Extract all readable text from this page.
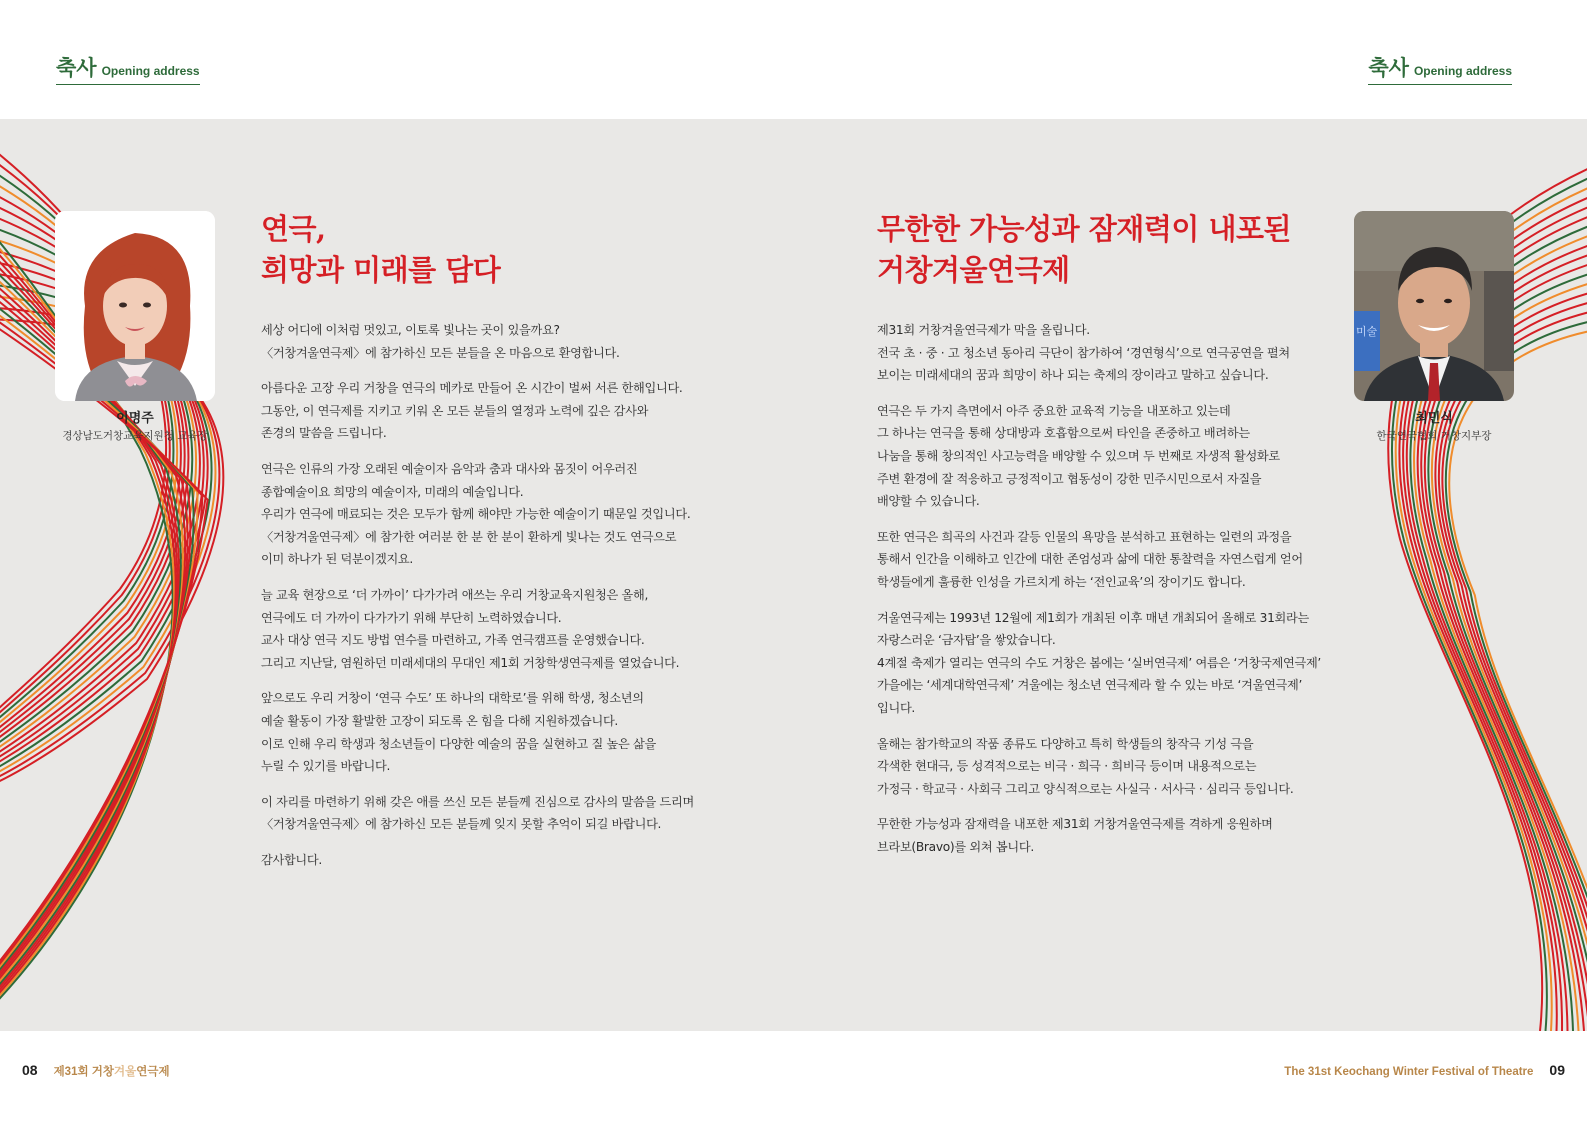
축사 Opening address	축사 Opening address
이명주
경상남도거창교육지원청 교육장
미술
최민식
한국연극협회 거창지부장
연극,
희망과 미래를 담다
무한한 가능성과 잠재력이 내포된
거창겨울연극제

세상 어디에 이처럼 멋있고, 이토록 빛나는 곳이 있을까요?
〈거창겨울연극제〉에 참가하신 모든 분들을 온 마음으로 환영합니다.

아름다운 고장 우리 거창을 연극의 메카로 만들어 온 시간이 벌써 서른 한해입니다.
그동안, 이 연극제를 지키고 키워 온 모든 분들의 열정과 노력에 깊은 감사와
존경의 말씀을 드립니다.

연극은 인류의 가장 오래된 예술이자 음악과 춤과 대사와 몸짓이 어우러진
종합예술이요 희망의 예술이자, 미래의 예술입니다.
우리가 연극에 매료되는 것은 모두가 함께 해야만 가능한 예술이기 때문일 것입니다.
〈거창겨울연극제〉에 참가한 여러분 한 분 한 분이 환하게 빛나는 것도 연극으로
이미 하나가 된 덕분이겠지요.

늘 교육 현장으로 ‘더 가까이’ 다가가려 애쓰는 우리 거창교육지원청은 올해,
연극에도 더 가까이 다가가기 위해 부단히 노력하였습니다.
교사 대상 연극 지도 방법 연수를 마련하고, 가족 연극캠프를 운영했습니다.
그리고 지난달, 염원하던 미래세대의 무대인 제1회 거창학생연극제를 열었습니다.

앞으로도 우리 거창이 ‘연극 수도’ 또 하나의 대학로’를 위해 학생, 청소년의
예술 활동이 가장 활발한 고장이 되도록 온 힘을 다해 지원하겠습니다.
이로 인해 우리 학생과 청소년들이 다양한 예술의 꿈을 실현하고 질 높은 삶을
누릴 수 있기를 바랍니다.

이 자리를 마련하기 위해 갖은 애를 쓰신 모든 분들께 진심으로 감사의 말씀을 드리며
〈거창겨울연극제〉에 참가하신 모든 분들께 잊지 못할 추억이 되길 바랍니다.

감사합니다.

제31회 거창겨울연극제가 막을 올립니다.
전국 초 · 중 · 고 청소년 동아리 극단이 참가하여 ‘경연형식’으로 연극공연을 펼쳐
보이는 미래세대의 꿈과 희망이 하나 되는 축제의 장이라고 말하고 싶습니다.

연극은 두 가지 측면에서 아주 중요한 교육적 기능을 내포하고 있는데
그 하나는 연극을 통해 상대방과 호흡함으로써 타인을 존중하고 배려하는
나눔을 통해 창의적인 사고능력을 배양할 수 있으며 두 번째로 자생적 활성화로
주변 환경에 잘 적응하고 긍정적이고 협동성이 강한 민주시민으로서 자질을
배양할 수 있습니다.

또한 연극은 희곡의 사건과 갈등 인물의 욕망을 분석하고 표현하는 일련의 과정을
통해서 인간을 이해하고 인간에 대한 존엄성과 삶에 대한 통찰력을 자연스럽게 얻어
학생들에게 훌륭한 인성을 가르치게 하는 ‘전인교육’의 장이기도 합니다.

겨울연극제는 1993년 12월에 제1회가 개최된 이후 매년 개최되어 올해로 31회라는
자랑스러운 ‘금자탑’을 쌓았습니다.
4계절 축제가 열리는 연극의 수도 거창은 봄에는 ‘실버연극제’ 여름은 ‘거창국제연극제’
가을에는 ‘세계대학연극제’ 겨울에는 청소년 연극제라 할 수 있는 바로 ‘겨울연극제’
입니다.

올해는 참가학교의 작품 종류도 다양하고 특히 학생들의 창작극 기성 극을
각색한 현대극, 등 성격적으로는 비극 · 희극 · 희비극 등이며 내용적으로는
가정극 · 학교극 · 사회극 그리고 양식적으로는 사실극 · 서사극 · 심리극 등입니다.

무한한 가능성과 잠재력을 내포한 제31회 거창겨울연극제를 격하게 응원하며
브라보(Bravo)를 외쳐 봅니다.

08 제31회 거창겨울연극제	The 31st Keochang Winter Festival of Theatre 09
